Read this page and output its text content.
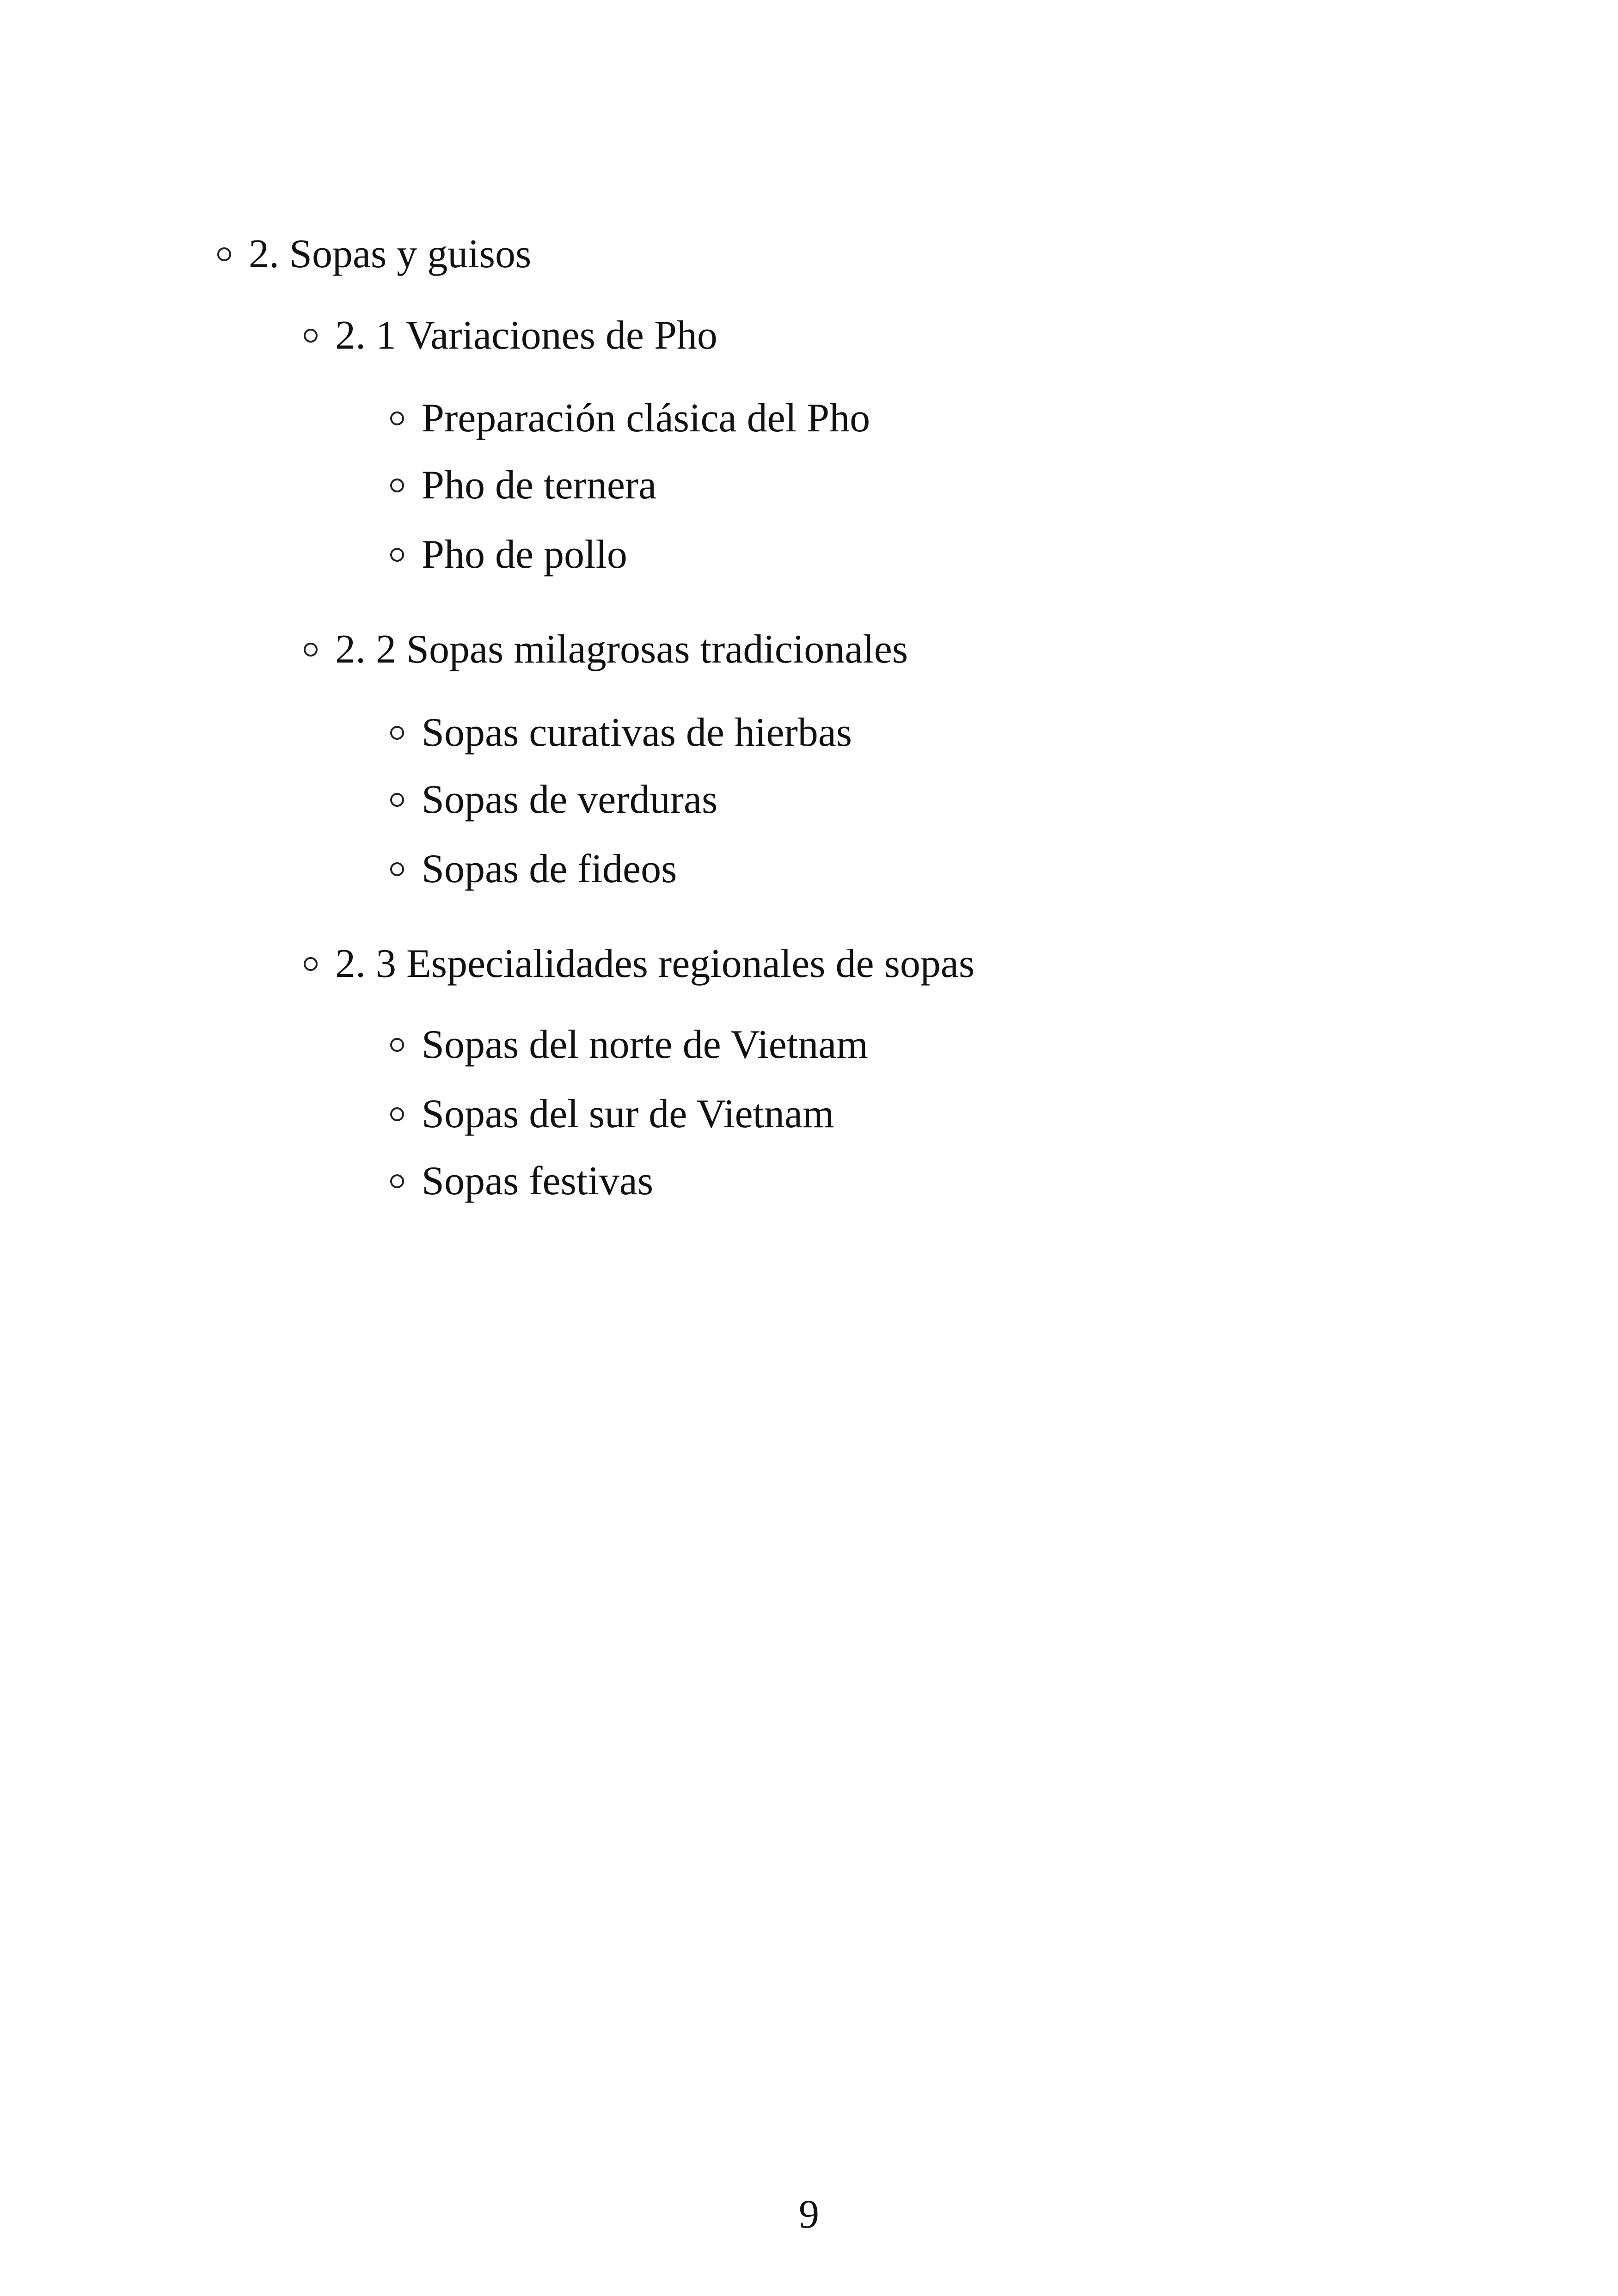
2. Sopas y guisos
2. 1 Variaciones de Pho
Preparación clásica del Pho
Pho de ternera
Pho de pollo
2. 2 Sopas milagrosas tradicionales
Sopas curativas de hierbas
Sopas de verduras
Sopas de fideos
2. 3 Especialidades regionales de sopas
Sopas del norte de Vietnam
Sopas del sur de Vietnam
Sopas festivas
9
